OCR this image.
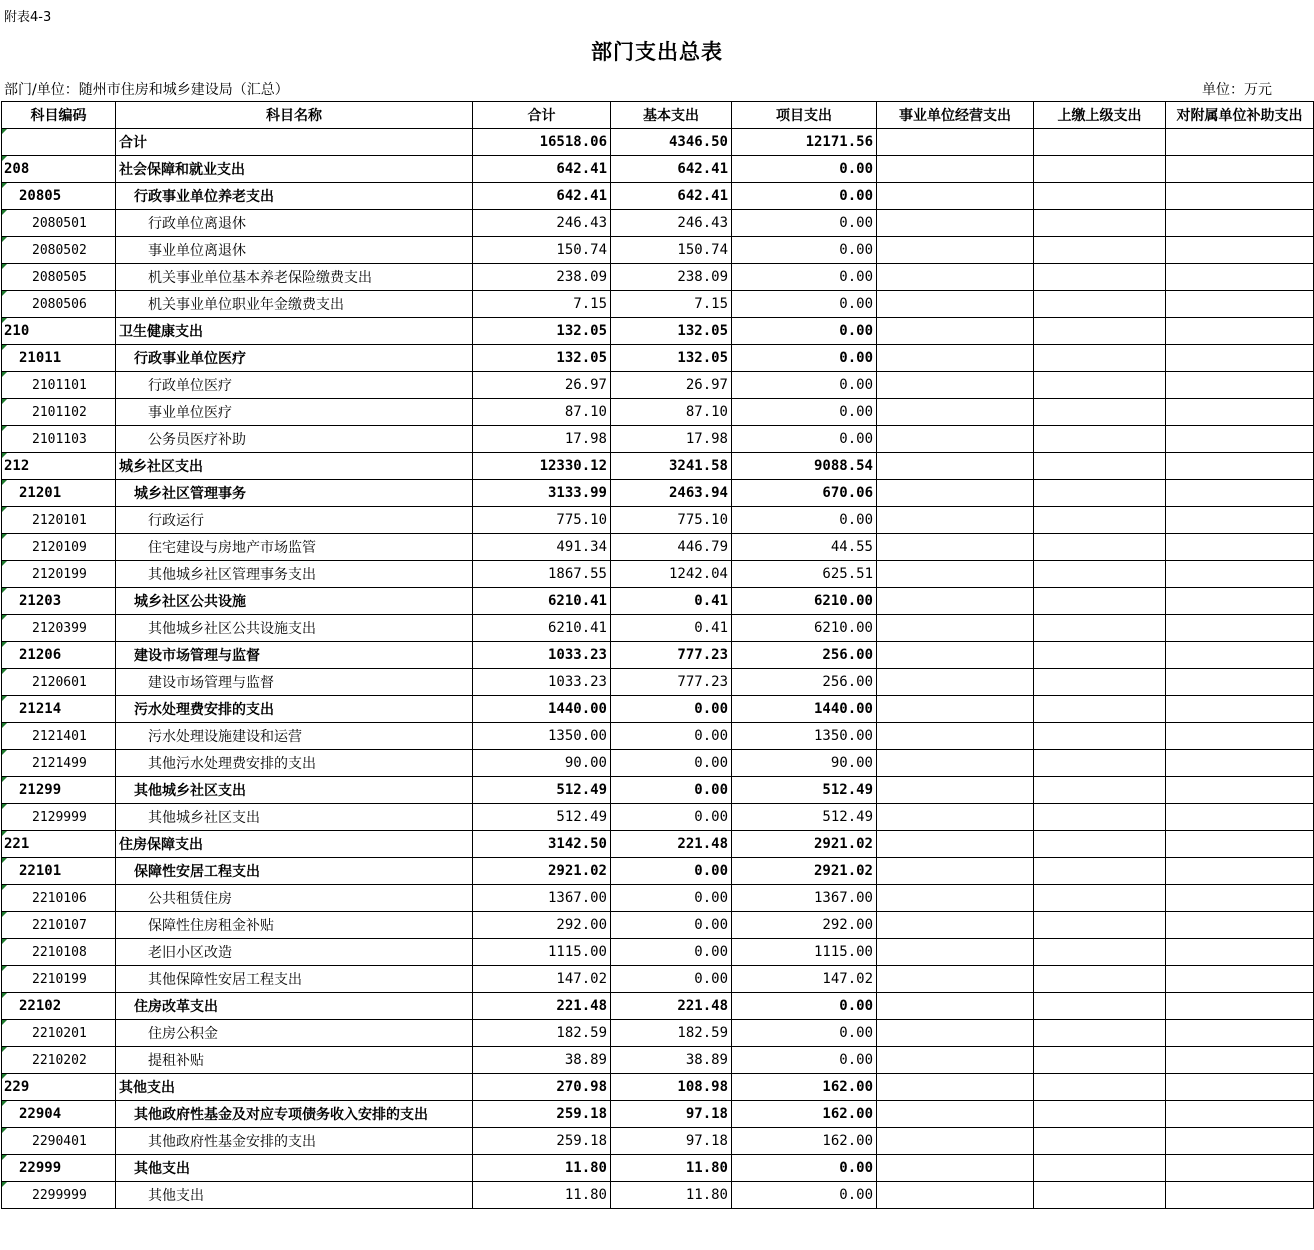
附表4-3
部门支出总表
部门/单位：随州市住房和城乡建设局（汇总）	单位：万元
科目编码	科目名称	合计	基本支出	项目支出	事业单位经营支出	上缴上级支出	对附属单位补助支出
	合计	16518.06	4346.50	12171.56			
208	社会保障和就业支出	642.41	642.41	0.00			
20805	行政事业单位养老支出	642.41	642.41	0.00			
2080501	行政单位离退休	246.43	246.43	0.00			
2080502	事业单位离退休	150.74	150.74	0.00			
2080505	机关事业单位基本养老保险缴费支出	238.09	238.09	0.00			
2080506	机关事业单位职业年金缴费支出	7.15	7.15	0.00			
210	卫生健康支出	132.05	132.05	0.00			
21011	行政事业单位医疗	132.05	132.05	0.00			
2101101	行政单位医疗	26.97	26.97	0.00			
2101102	事业单位医疗	87.10	87.10	0.00			
2101103	公务员医疗补助	17.98	17.98	0.00			
212	城乡社区支出	12330.12	3241.58	9088.54			
21201	城乡社区管理事务	3133.99	2463.94	670.06			
2120101	行政运行	775.10	775.10	0.00			
2120109	住宅建设与房地产市场监管	491.34	446.79	44.55			
2120199	其他城乡社区管理事务支出	1867.55	1242.04	625.51			
21203	城乡社区公共设施	6210.41	0.41	6210.00			
2120399	其他城乡社区公共设施支出	6210.41	0.41	6210.00			
21206	建设市场管理与监督	1033.23	777.23	256.00			
2120601	建设市场管理与监督	1033.23	777.23	256.00			
21214	污水处理费安排的支出	1440.00	0.00	1440.00			
2121401	污水处理设施建设和运营	1350.00	0.00	1350.00			
2121499	其他污水处理费安排的支出	90.00	0.00	90.00			
21299	其他城乡社区支出	512.49	0.00	512.49			
2129999	其他城乡社区支出	512.49	0.00	512.49			
221	住房保障支出	3142.50	221.48	2921.02			
22101	保障性安居工程支出	2921.02	0.00	2921.02			
2210106	公共租赁住房	1367.00	0.00	1367.00			
2210107	保障性住房租金补贴	292.00	0.00	292.00			
2210108	老旧小区改造	1115.00	0.00	1115.00			
2210199	其他保障性安居工程支出	147.02	0.00	147.02			
22102	住房改革支出	221.48	221.48	0.00			
2210201	住房公积金	182.59	182.59	0.00			
2210202	提租补贴	38.89	38.89	0.00			
229	其他支出	270.98	108.98	162.00			
22904	其他政府性基金及对应专项债务收入安排的支出	259.18	97.18	162.00			
2290401	其他政府性基金安排的支出	259.18	97.18	162.00			
22999	其他支出	11.80	11.80	0.00			
2299999	其他支出	11.80	11.80	0.00			
